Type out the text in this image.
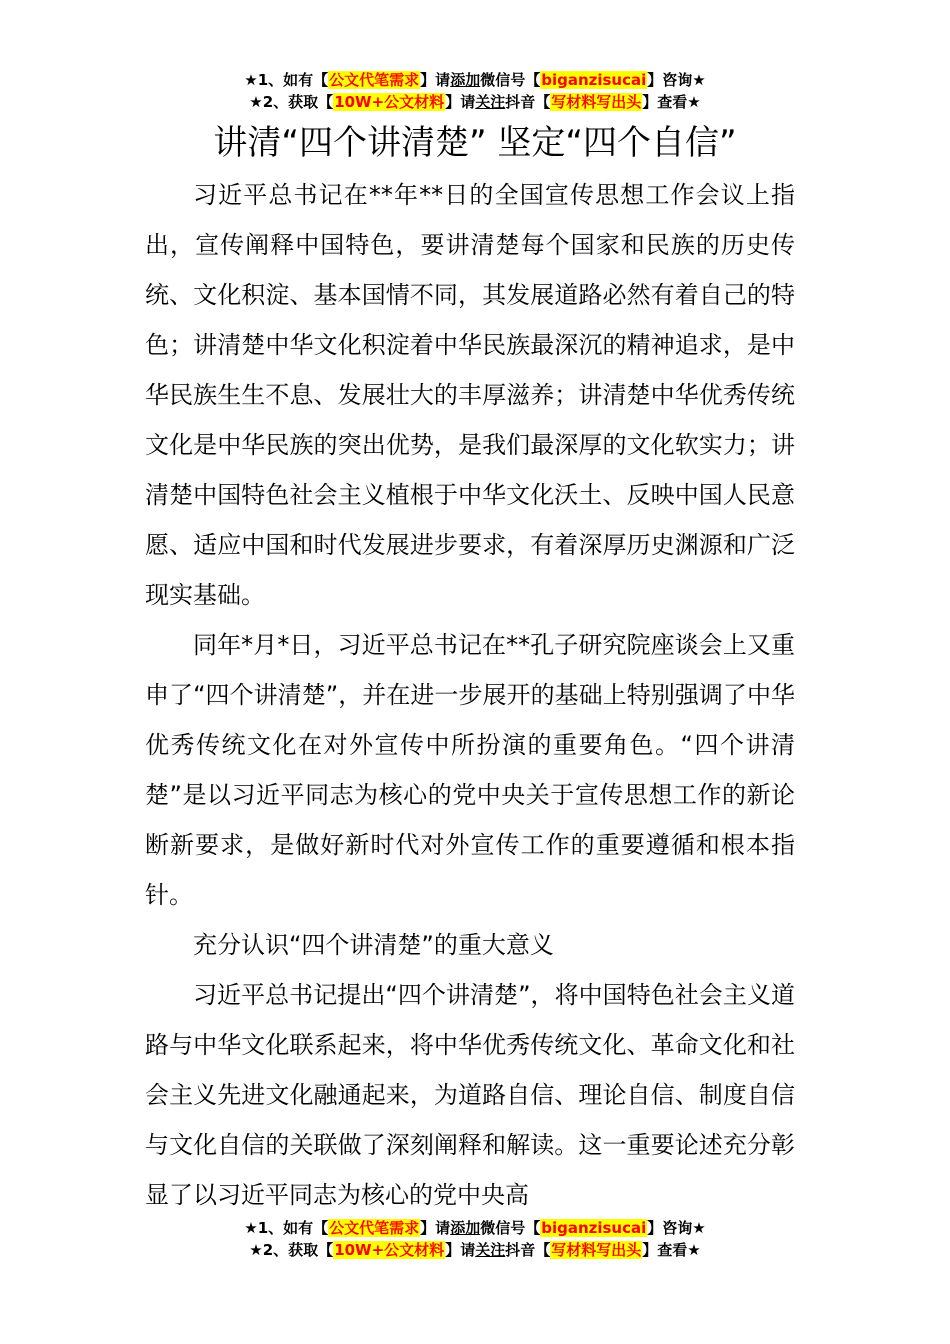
★1、如有【公文代笔需求】请添加微信号【biganzisucai】咨询★
★2、获取【10W+公文材料】请关注抖音【写材料写出头】查看★
讲清“四个讲清楚” 坚定“四个自信”

习近平总书记在**年**日的全国宣传思想工作会议上指出，宣传阐释中国特色，要讲清楚每个国家和民族的历史传统、文化积淀、基本国情不同，其发展道路必然有着自己的特色；讲清楚中华文化积淀着中华民族最深沉的精神追求，是中华民族生生不息、发展壮大的丰厚滋养；讲清楚中华优秀传统文化是中华民族的突出优势，是我们最深厚的文化软实力；讲清楚中国特色社会主义植根于中华文化沃土、反映中国人民意愿、适应中国和时代发展进步要求，有着深厚历史渊源和广泛现实基础。

同年*月*日，习近平总书记在**孔子研究院座谈会上又重申了“四个讲清楚”，并在进一步展开的基础上特别强调了中华优秀传统文化在对外宣传中所扮演的重要角色。“四个讲清楚”是以习近平同志为核心的党中央关于宣传思想工作的新论断新要求，是做好新时代对外宣传工作的重要遵循和根本指针。

充分认识“四个讲清楚”的重大意义

习近平总书记提出“四个讲清楚”，将中国特色社会主义道路与中华文化联系起来，将中华优秀传统文化、革命文化和社会主义先进文化融通起来，为道路自信、理论自信、制度自信与文化自信的关联做了深刻阐释和解读。这一重要论述充分彰显了以习近平同志为核心的党中央高

★1、如有【公文代笔需求】请添加微信号【biganzisucai】咨询★
★2、获取【10W+公文材料】请关注抖音【写材料写出头】查看★
